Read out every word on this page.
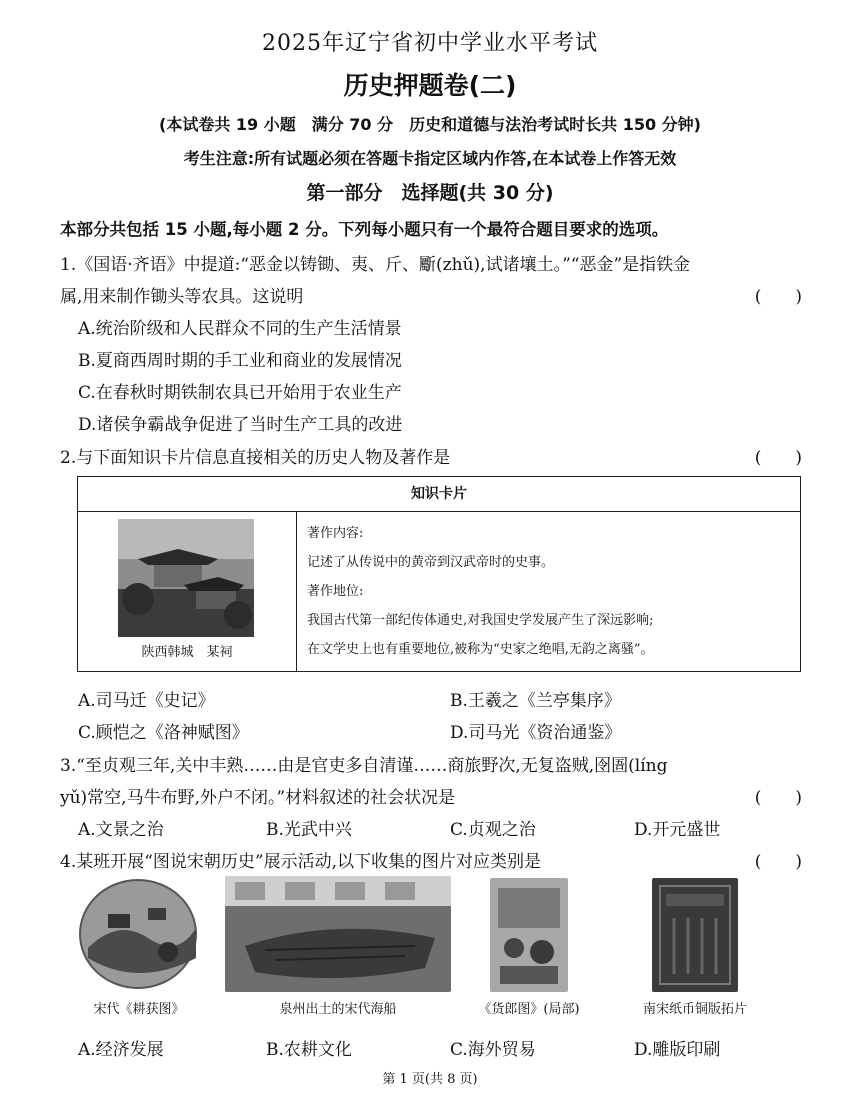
2025年辽宁省初中学业水平考试
历史押题卷(二)
(本试卷共 19 小题　满分 70 分　历史和道德与法治考试时长共 150 分钟)
考生注意:所有试题必须在答题卡指定区域内作答,在本试卷上作答无效
第一部分　选择题(共 30 分)
本部分共包括 15 小题,每小题 2 分。下列每小题只有一个最符合题目要求的选项。
1.《国语·齐语》中提道:“恶金以铸锄、夷、斤、斸(zhǔ),试诸壤土。”“恶金”是指铁金
属,用来制作锄头等农具。这说明	(　　)
A.统治阶级和人民群众不同的生产生活情景
B.夏商西周时期的手工业和商业的发展情况
C.在春秋时期铁制农具已开始用于农业生产
D.诸侯争霸战争促进了当时生产工具的改进
2.与下面知识卡片信息直接相关的历史人物及著作是	(　　)
知识卡片
陕西韩城　某祠
著作内容:
记述了从传说中的黄帝到汉武帝时的史事。
著作地位:
我国古代第一部纪传体通史,对我国史学发展产生了深远影响;
在文学史上也有重要地位,被称为“史家之绝唱,无韵之离骚”。
A.司马迁《史记》	B.王羲之《兰亭集序》
C.顾恺之《洛神赋图》	D.司马光《资治通鉴》
3.“至贞观三年,关中丰熟……由是官吏多自清谨……商旅野次,无复盗贼,囹圄(líng
yǔ)常空,马牛布野,外户不闭。”材料叙述的社会状况是	(　　)
A.文景之治	B.光武中兴	C.贞观之治	D.开元盛世
4.某班开展“图说宋朝历史”展示活动,以下收集的图片对应类别是	(　　)
宋代《耕获图》	泉州出土的宋代海船	《货郎图》(局部)	南宋纸币铜版拓片
A.经济发展	B.农耕文化	C.海外贸易	D.雕版印刷
第 1 页(共 8 页)
